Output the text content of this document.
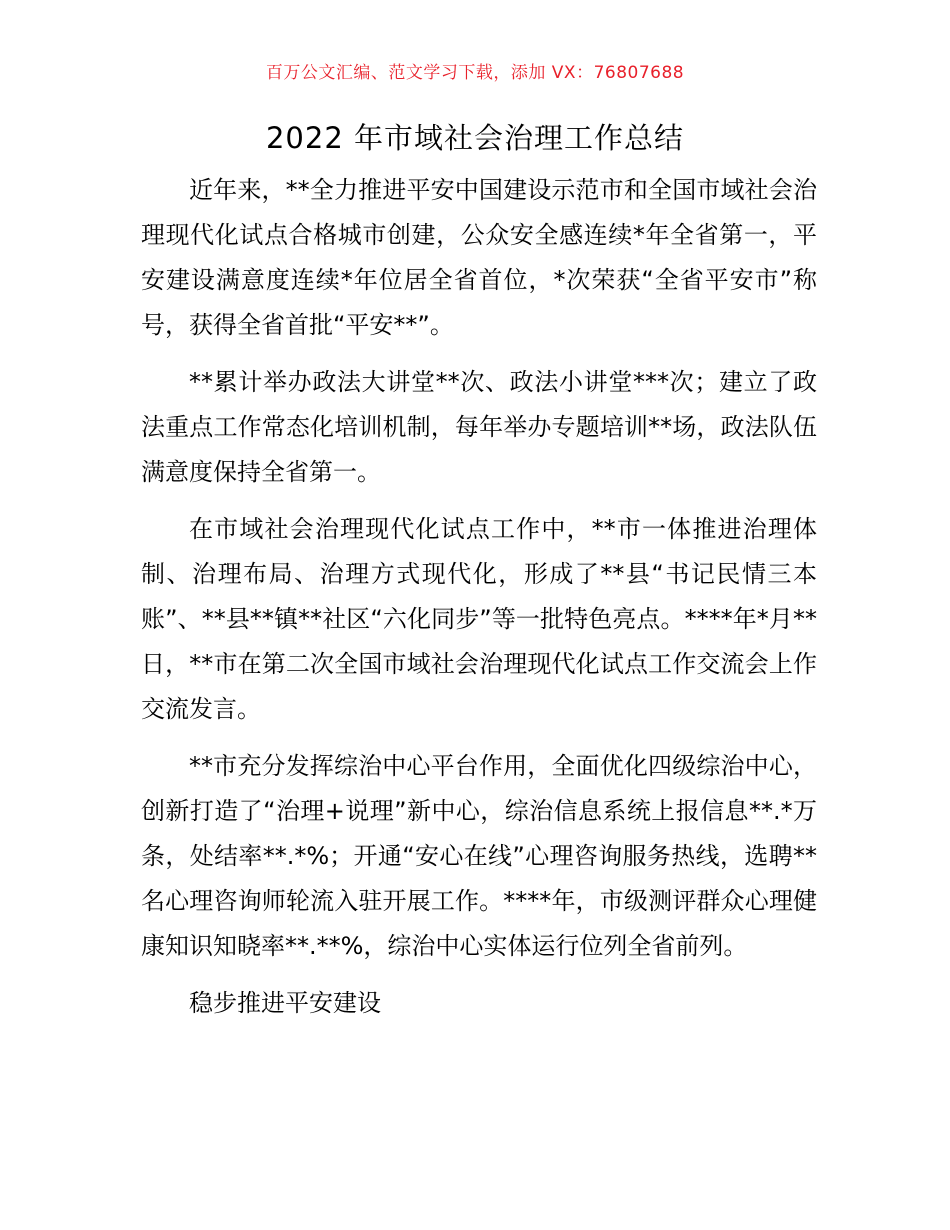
百万公文汇编、范文学习下载，添加 VX：76807688
2022 年市域社会治理工作总结

近年来，**全力推进平安中国建设示范市和全国市域社会治理现代化试点合格城市创建，公众安全感连续*年全省第一，平安建设满意度连续*年位居全省首位，*次荣获“全省平安市”称号，获得全省首批“平安**”。

**累计举办政法大讲堂**次、政法小讲堂***次；建立了政法重点工作常态化培训机制，每年举办专题培训**场，政法队伍满意度保持全省第一。

在市域社会治理现代化试点工作中，**市一体推进治理体制、治理布局、治理方式现代化，形成了**县“书记民情三本账”、**县**镇**社区“六化同步”等一批特色亮点。****年*月**日，**市在第二次全国市域社会治理现代化试点工作交流会上作交流发言。

**市充分发挥综治中心平台作用，全面优化四级综治中心，创新打造了“治理+说理”新中心，综治信息系统上报信息**.*万条，处结率**.*%；开通“安心在线”心理咨询服务热线，选聘**名心理咨询师轮流入驻开展工作。****年，市级测评群众心理健康知识知晓率**.**%，综治中心实体运行位列全省前列。

稳步推进平安建设
